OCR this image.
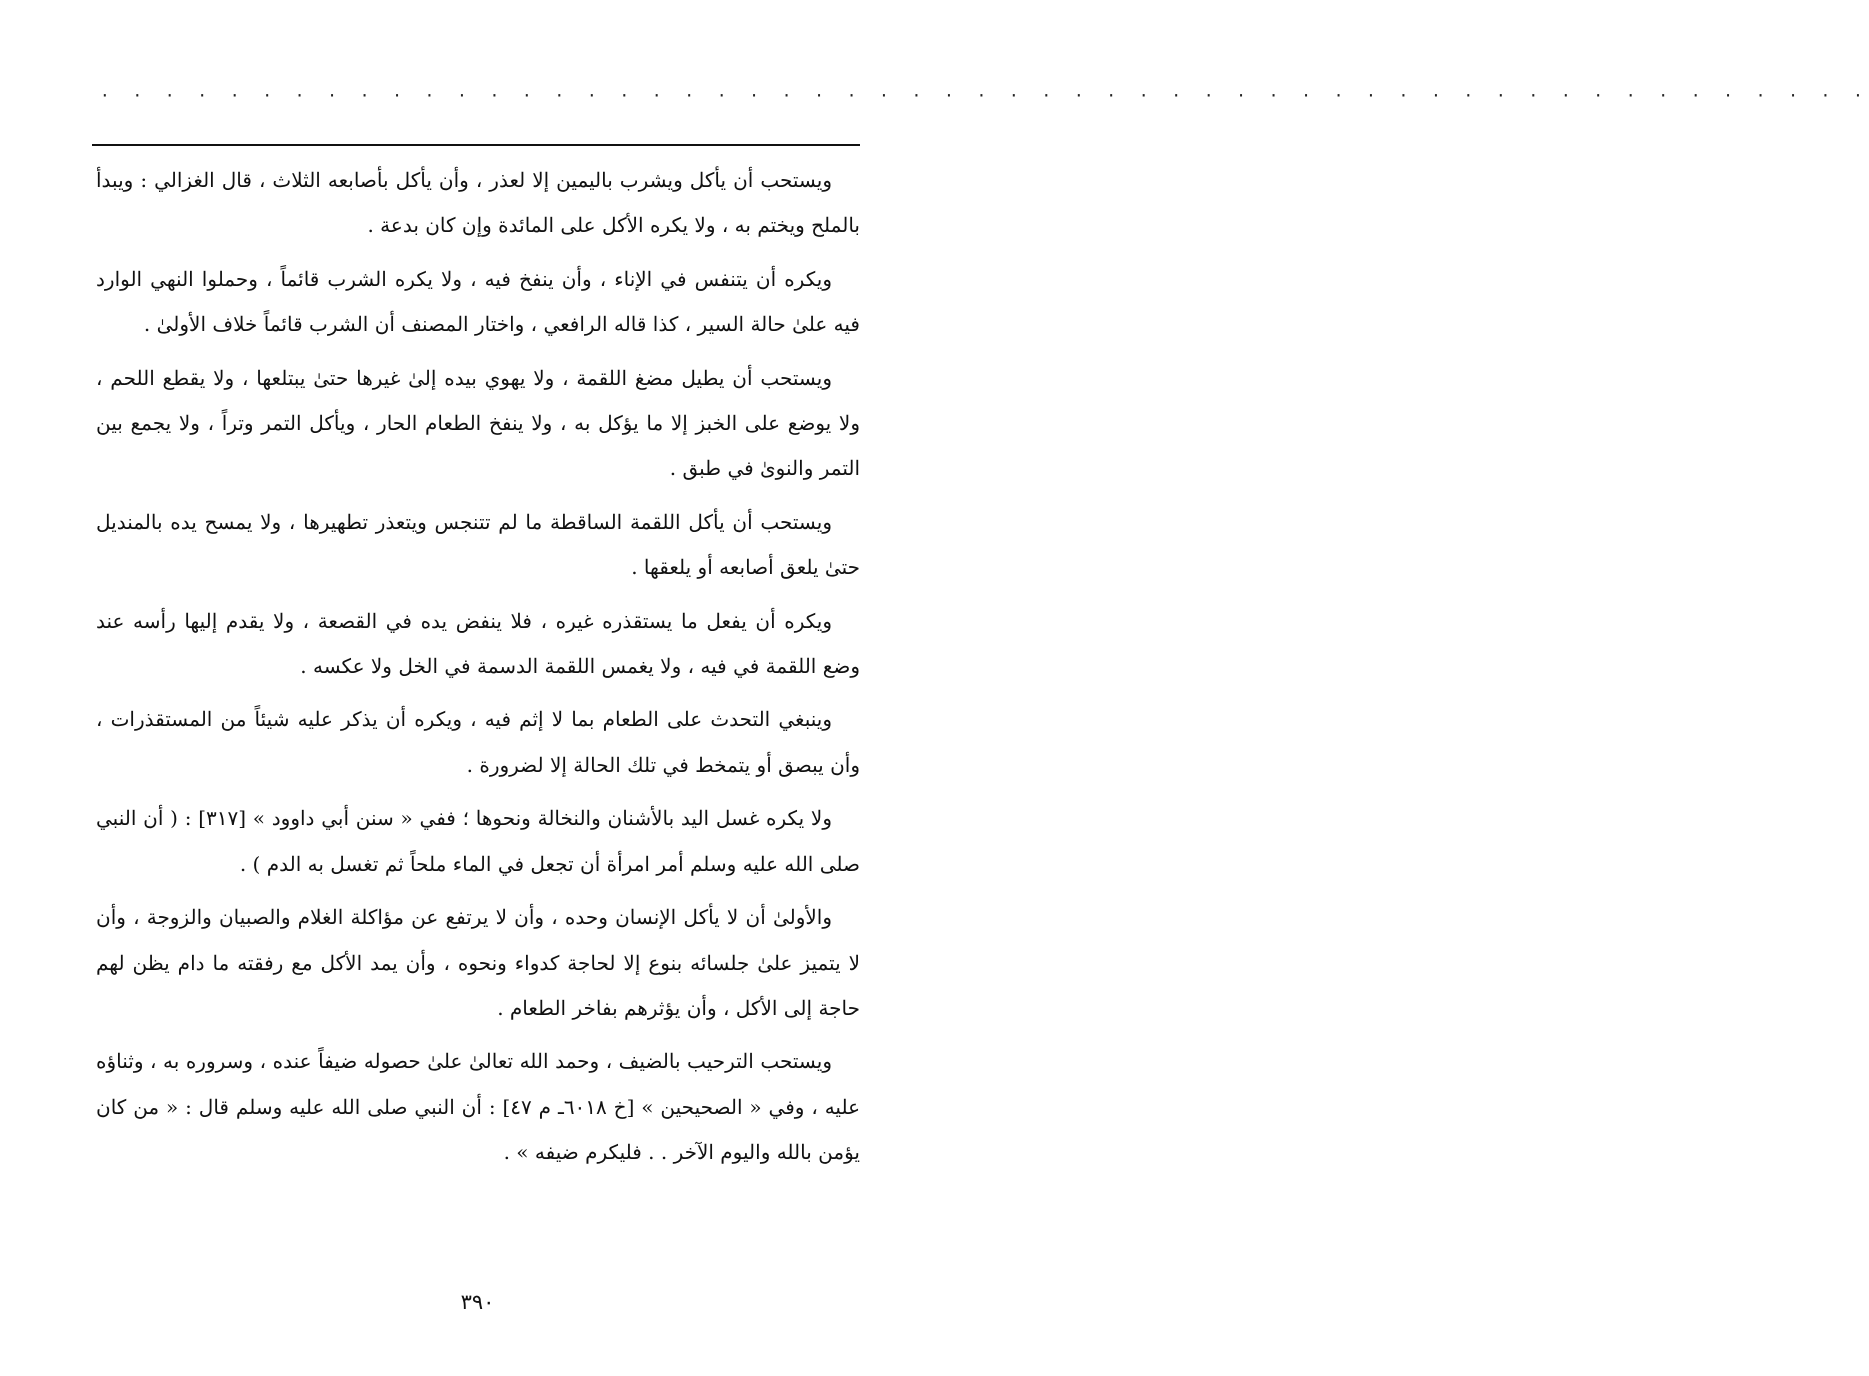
· · · · · · · · · · · · · · · · · · · · · · · · · · · · · · · · · · · · · · · · · · · · · · · · · · · · · · ·

ويستحب أن يأكل ويشرب باليمين إلا لعذر ، وأن يأكل بأصابعه الثلاث ، قال الغزالي : ويبدأ بالملح ويختم به ، ولا يكره الأكل على المائدة وإن كان بدعة .

ويكره أن يتنفس في الإناء ، وأن ينفخ فيه ، ولا يكره الشرب قائماً ، وحملوا النهي الوارد فيه علىٰ حالة السير ، كذا قاله الرافعي ، واختار المصنف أن الشرب قائماً خلاف الأولىٰ .

ويستحب أن يطيل مضغ اللقمة ، ولا يهوي بيده إلىٰ غيرها حتىٰ يبتلعها ، ولا يقطع اللحم ، ولا يوضع على الخبز إلا ما يؤكل به ، ولا ينفخ الطعام الحار ، ويأكل التمر وتراً ، ولا يجمع بين التمر والنوىٰ في طبق .

ويستحب أن يأكل اللقمة الساقطة ما لم تتنجس ويتعذر تطهيرها ، ولا يمسح يده بالمنديل حتىٰ يلعق أصابعه أو يلعقها .

ويكره أن يفعل ما يستقذره غيره ، فلا ينفض يده في القصعة ، ولا يقدم إليها رأسه عند وضع اللقمة في فيه ، ولا يغمس اللقمة الدسمة في الخل ولا عكسه .

وينبغي التحدث على الطعام بما لا إثم فيه ، ويكره أن يذكر عليه شيئاً من المستقذرات ، وأن يبصق أو يتمخط في تلك الحالة إلا لضرورة .

ولا يكره غسل اليد بالأشنان والنخالة ونحوها ؛ ففي « سنن أبي داوود » [٣١٧] : ( أن النبي صلى الله عليه وسلم أمر امرأة أن تجعل في الماء ملحاً ثم تغسل به الدم ) .

والأولىٰ أن لا يأكل الإنسان وحده ، وأن لا يرتفع عن مؤاكلة الغلام والصبيان والزوجة ، وأن لا يتميز علىٰ جلسائه بنوع إلا لحاجة كدواء ونحوه ، وأن يمد الأكل مع رفقته ما دام يظن لهم حاجة إلى الأكل ، وأن يؤثرهم بفاخر الطعام .

ويستحب الترحيب بالضيف ، وحمد الله تعالىٰ علىٰ حصوله ضيفاً عنده ، وسروره به ، وثناؤه عليه ، وفي « الصحيحين » [خ ٦٠١٨ـ م ٤٧] : أن النبي صلى الله عليه وسلم قال : « من كان يؤمن بالله واليوم الآخر . . فليكرم ضيفه » .

٣٩٠
